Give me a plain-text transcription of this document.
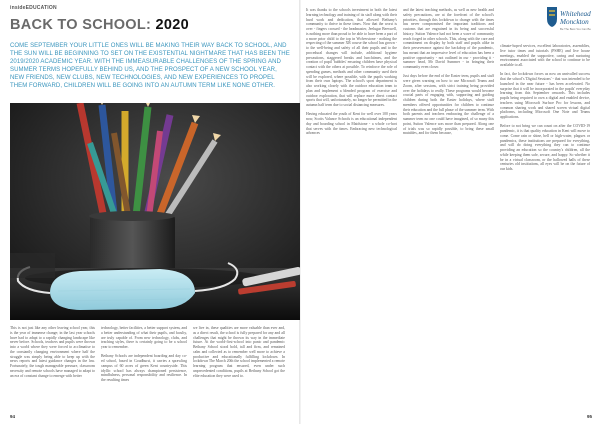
insideEDUCATION
BACK TO SCHOOL: 2020

COME SEPTEMBER YOUR LITTLE ONES WILL BE MAKING THEIR WAY BACK TO SCHOOL, AND THE SUN WILL BE BEGINNING TO SET ON THE EXISTENTIAL NIGHTMARE THAT HAS BEEN THE 2019/2020 ACADEMIC YEAR. WITH THE IMMEASURABLE CHALLENGES OF THE SPRING AND SUMMER TERMS HOPEFULLY BEHIND US, AND THE PROSPECT OF A NEW SCHOOL YEAR, NEW FRIENDS, NEW CLUBS, NEW TECHNOLOGIES, AND NEW EXPERIENCES TO PROPEL THEM FORWARD, CHILDREN WILL BE GOING INTO AN AUTUMN TERM LIKE NONE OTHER.

This is not just like any other leaving school year, this is the year of immense change; in the last year schools have had to adapt to a rapidly changing landscape like never before. Schools, teachers and pupils were thrown into a world where they were forced to acclimatise to the constantly changing environment where half the struggle was simply being able to keep up with the news reports and latest guidance changes in the law. Fortunately, the tough manageable pressure, classroom necessity and remote schools have managed to adapt to an era of constant change to emerge with better

technology, better facilities, a better support system, and a better understanding of what their pupils, and faculty, are truly capable of. From new technology, clubs, and teaching styles, there is certainly going to be a school year to remember.

Bethany Schools are independent boarding and day co-ed school, based in Goudhurst, it carries a sprawling campus of 60 acres of green Kent countryside. This idyllic school has always championed persistence, mindfulness, personal responsibility and resilience. In the resulting times

we live in, these qualities are more valuable than ever and, as a direct result, the school is fully prepared for any and all challenges that might be thrown its way in the immediate future. At the world-first-school into panic and pandemic Bethany School stood bold, tall and firm, and remained calm and collected as to remember well more to achieve a productive and educationally fulfilling lockdown. In lockdown The March 20th the school implemented a remote learning program that ensured, even under such unprecedented conditions, pupils at Bethany School got the elite education they were used to.

94

It was thanks to the schools investment in both the latest learning technology and training of its staff along with their hard work and dedication, that allowed Bethany's community to thrive in these times. Now that the worst is over - fingers crossed - the headmaster, Jeelugar Beeswell, is nothing more than proud to be able to have been a part of a more prior child to the top in Wolverstone - nothing the respecting of the summer XR course the school has grown - to the well-being and safety of all their pupils and to the procedural changes will include, additional hygiene precautions, staggered breaks and lunchtimes, and the creation of pupil 'bubbles' ensuring children have physical contact with the others at possible. To reinforce the role of spending games, methods and other community used their will be explored, where possible, with the pupils working from their own laptops. The school's sport department is also working closely with the outdoor education team to plan and implement a blended program of exercise and outdoor exploration, that will replace more direct contact sports that will, unfortunately, no longer be permitted in the autumn half term due to social distancing measures.

Having educated the youth of Kent for well over 100 years now, Scotts Valance Schools is an educational independent day and boarding school in Maidstone - a whole co-hort that serves with the times. Embracing new technological advances

and the latest teaching methods, as well as new health and safety precautions, are at the forefront of the school's priorities, through this lockdown to change with the times has never compromised the important traditions and customs that are engrained in its being and successful history. Sutton Valence had not been a wave of community reach forged in other schools. This, along with the care and commitment on display by both staff and pupils alike in their perseverance against the backdrop of the pandemic, has meant that an impressive level of education has been a positive opportunity - not outlined in our - providing it - summer head, Mr David Summer - in bringing their community even closer.

Just days before the end of the Easter term, pupils and staff were given warning on how to use Microsoft Teams and Zoom, after sessions, with strict training being provided over the holidays to really. These programs would become crucial parts of engaging with, supporting and guiding children during both the Easter holidays, where staff members offered opportunities for children to continue their education and the full phase of the summer term. With both parents and teachers embracing the challenge of a summer term no one could have imagined, of so many this point, Sutton Valence was more than prepared. Along one of trials was so rapidly possible, to bring these small mutables, and for them because,

climate-hoped services, excellent laboratories, assemblies, live tutor times and tutorials (PSHE) and live house meetings, enabled the supportive, caring and nurturing environment associated with the school to continue to be available to all.

In fact, the lockdown forces us now an unrivalled success that the school's 'Digital Sessions' - that was intended to be launched in the near future - has been accelerated. No surprise that it will be incorporated in the pupils' everyday learning from this September onwards. This includes pupils being required to own a digital and enabled device, teachers using Microsoft Surface Pro for lessons, and common sharing work and shared screen virtual digital platforms, including Microsoft One Note and Teams applications.

Before to not bring we can count on after the COVID-19 pandemic, it is that quality education in Kent will move to come. Come rain or shine, hell or high-water, plagues or pandemics, these institutions are prepared for everything, and will do doing everything they can to continue providing an education so the country's children, all the while keeping them safe, secure, and happy. So whether it be in a virtual classroom, or the hallowed halls of these centuries old institutions, all eyes will be on the future of our kids.

Whitehead
Monckton
Be The Best You Can Be
95
